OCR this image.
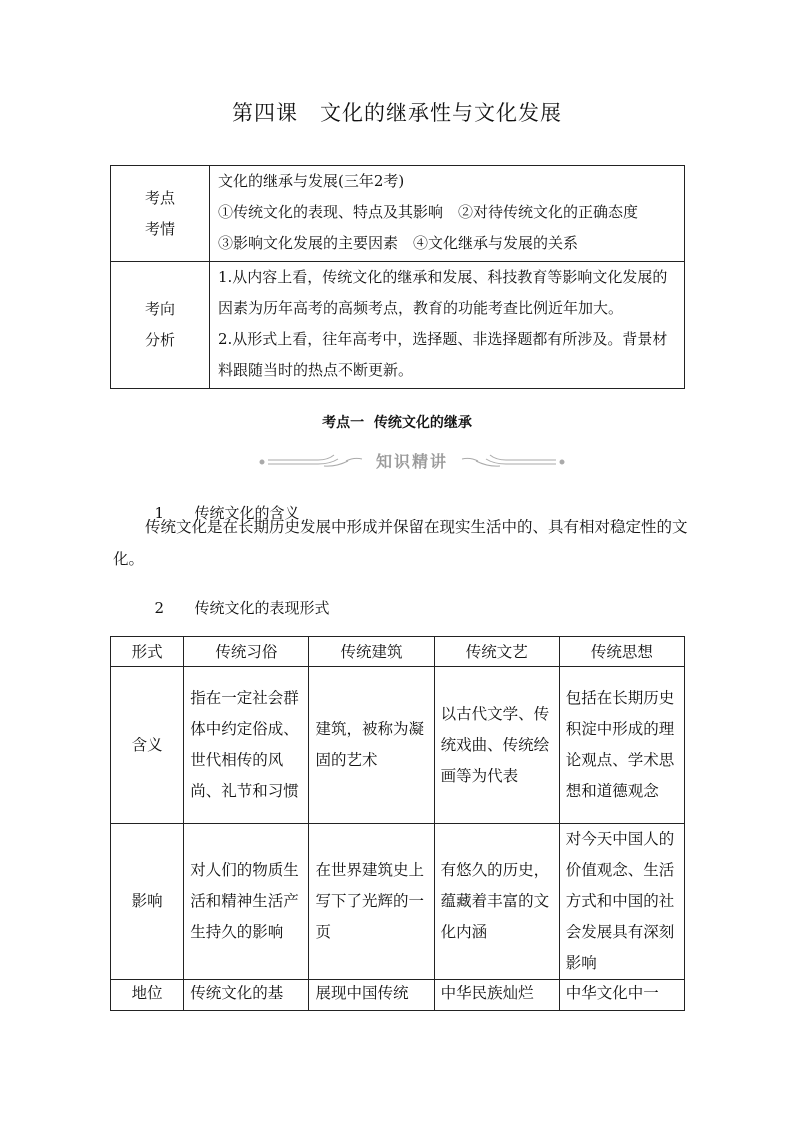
第四课　文化的继承性与文化发展
考点
考情	文化的继承与发展(三年2考)
①传统文化的表现、特点及其影响　②对待传统文化的正确态度
③影响文化发展的主要因素　④文化继承与发展的关系

考向
分析	1.从内容上看，传统文化的继承和发展、科技教育等影响文化发展的因素为历年高考的高频考点，教育的功能考查比例近年加大。
2.从形式上看，往年高考中，选择题、非选择题都有所涉及。背景材料跟随当时的热点不断更新。
考点一  传统文化的继承
知识精讲

1 传统文化的含义

传统文化是在长期历史发展中形成并保留在现实生活中的、具有相对稳定性的文化。

2 传统文化的表现形式

形式	传统习俗	传统建筑	传统文艺	传统思想
含义	指在一定社会群体中约定俗成、世代相传的风尚、礼节和习惯	建筑，被称为凝固的艺术	以古代文学、传统戏曲、传统绘画等为代表	包括在长期历史积淀中形成的理论观点、学术思想和道德观念
影响	对人们的物质生活和精神生活产生持久的影响	在世界建筑史上写下了光辉的一页	有悠久的历史，蕴藏着丰富的文化内涵	对今天中国人的价值观念、生活方式和中国的社会发展具有深刻影响
地位	传统文化的基	展现中国传统	中华民族灿烂	中华文化中一
